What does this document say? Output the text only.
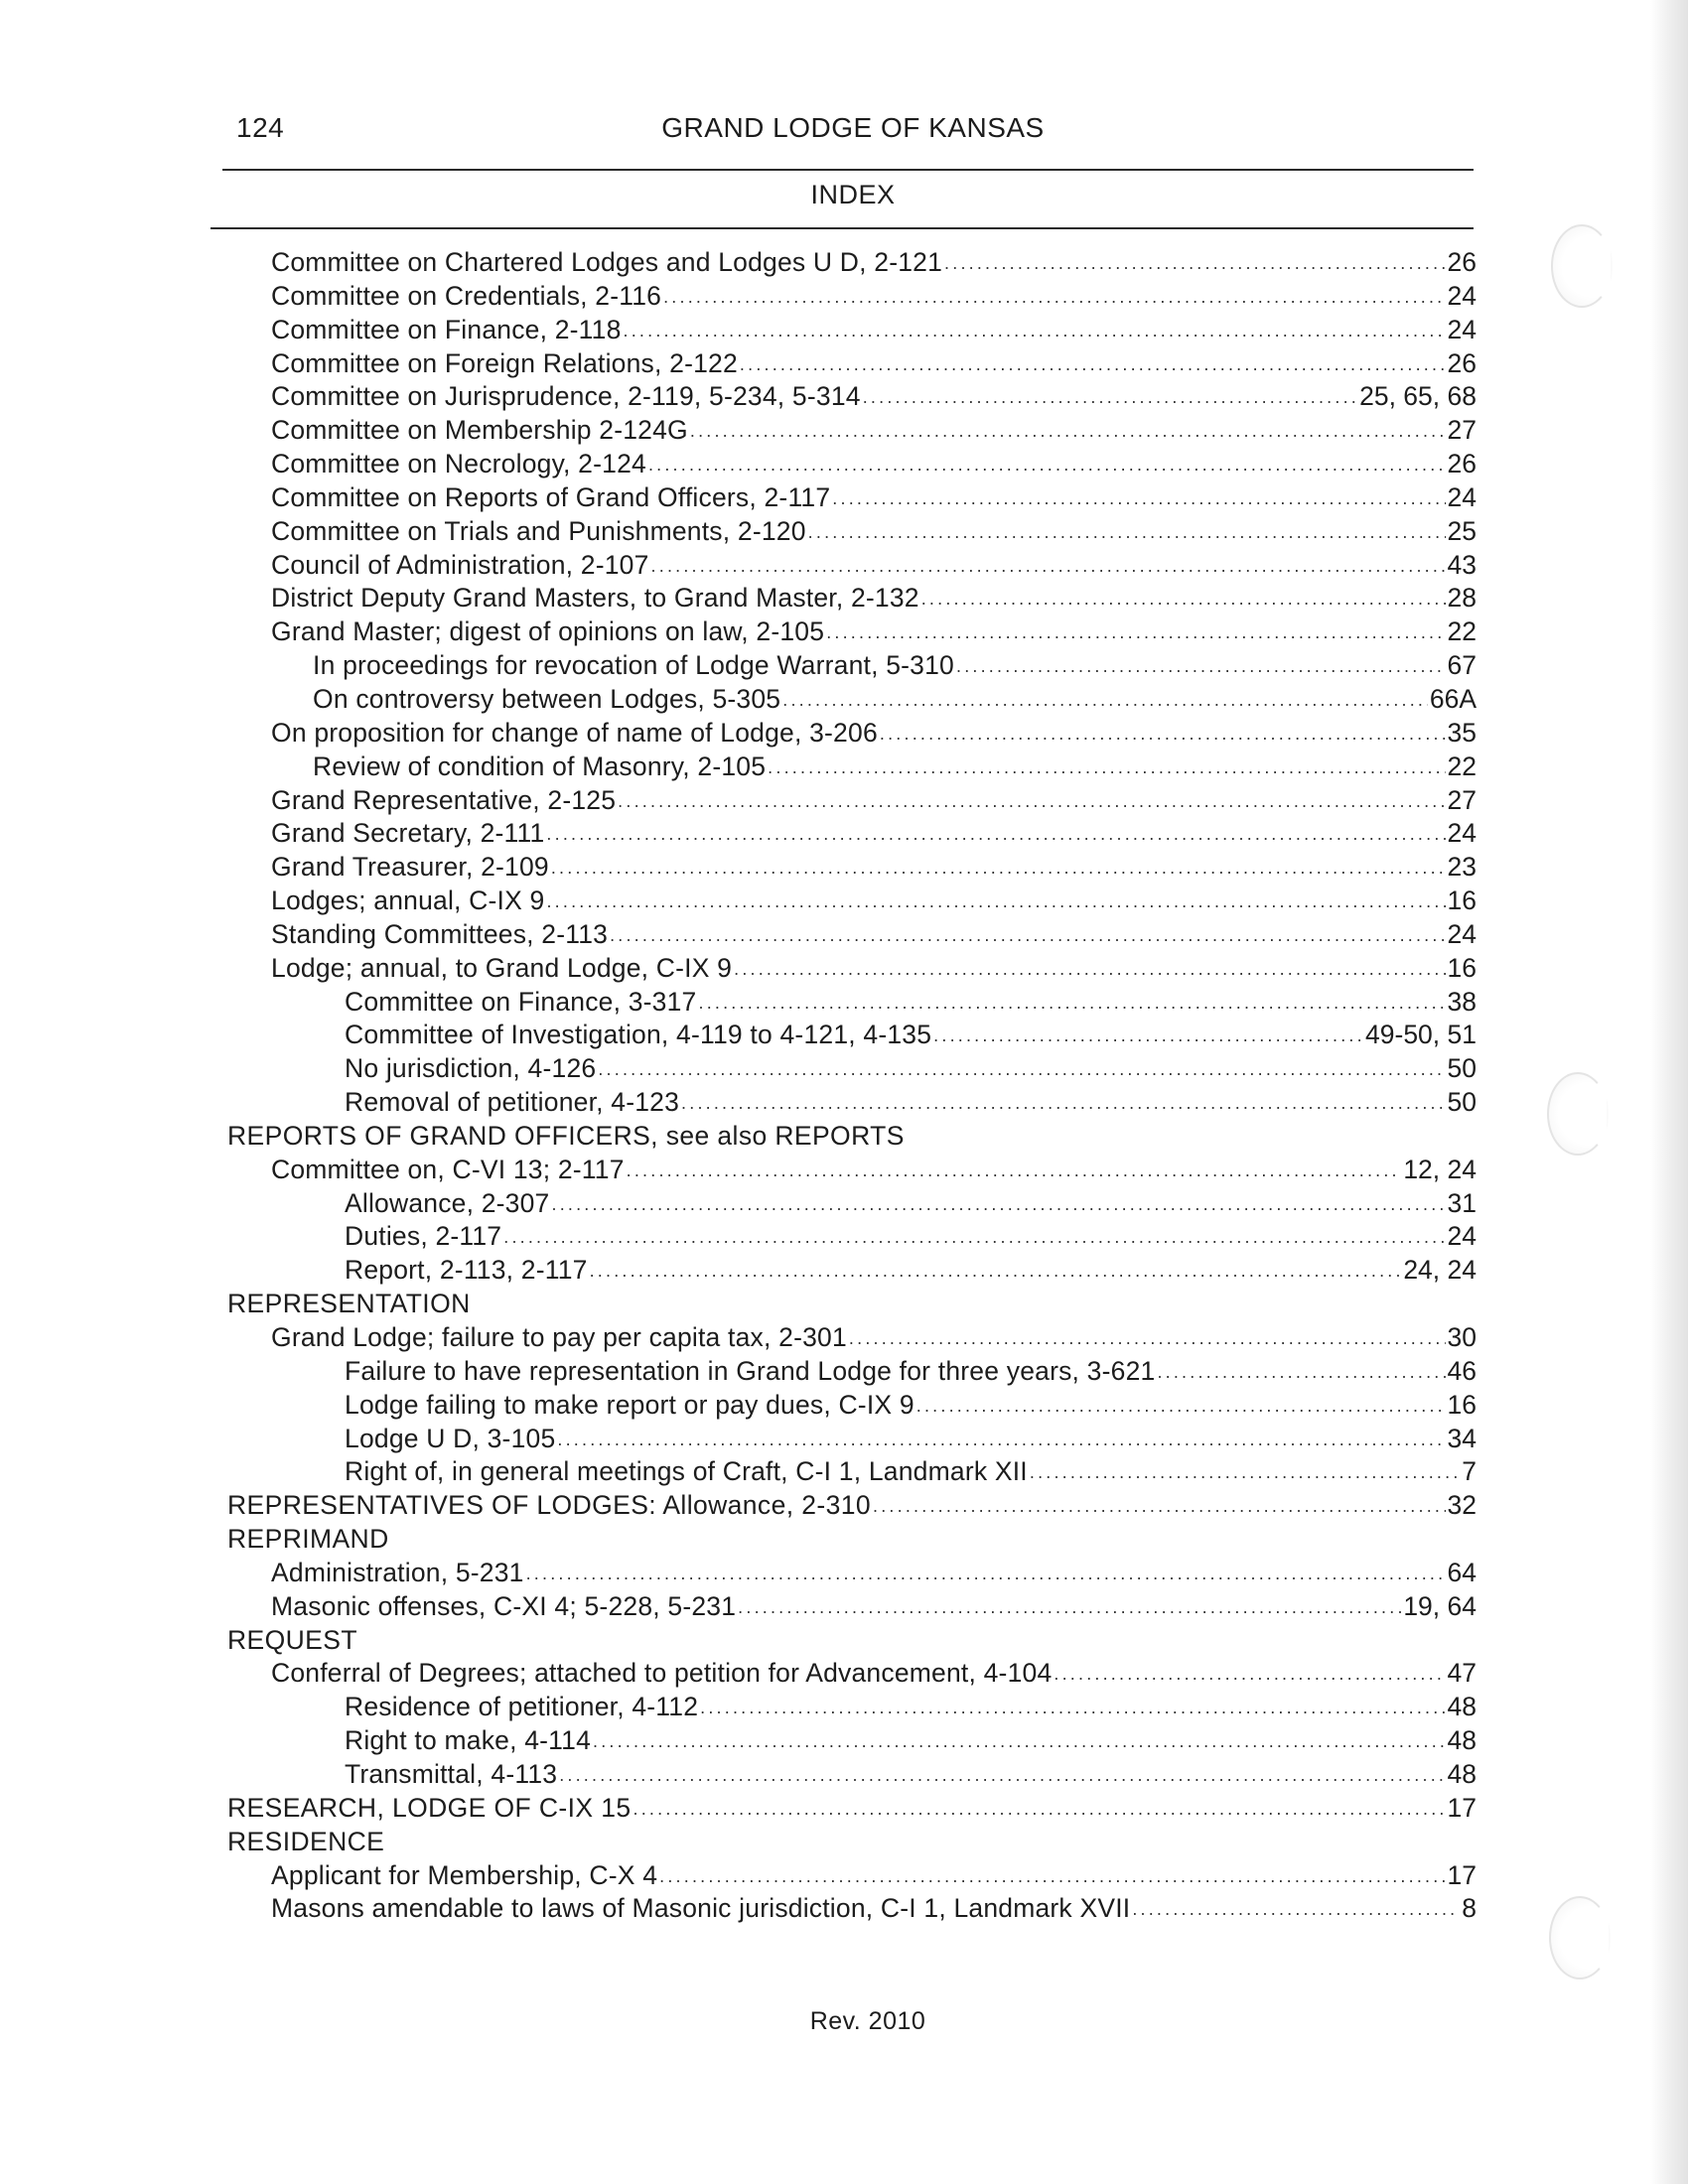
124	GRAND LODGE OF KANSAS
INDEX
Committee on Chartered Lodges and Lodges U D, 2-121 .....	26
Committee on Credentials, 2-116 .....	24
Committee on Finance, 2-118 .....	24
Committee on Foreign Relations, 2-122 .....	26
Committee on Jurisprudence, 2-119, 5-234, 5-314 .....	25, 65, 68
Committee on Membership 2-124G .....	27
Committee on Necrology, 2-124 .....	26
Committee on Reports of Grand Officers, 2-117 .....	24
Committee on Trials and Punishments, 2-120 .....	25
Council of Administration, 2-107 .....	43
District Deputy Grand Masters, to Grand Master, 2-132 .....	28
Grand Master; digest of opinions on law, 2-105 .....	22
In proceedings for revocation of Lodge Warrant, 5-310 .....	67
On controversy between Lodges, 5-305 .....	66A
On proposition for change of name of Lodge, 3-206 .....	35
Review of condition of Masonry, 2-105 .....	22
Grand Representative, 2-125 .....	27
Grand Secretary, 2-111 .....	24
Grand Treasurer, 2-109 .....	23
Lodges; annual, C-IX 9 .....	16
Standing Committees, 2-113 .....	24
Lodge; annual, to Grand Lodge, C-IX 9 .....	16
Committee on Finance, 3-317 .....	38
Committee of Investigation, 4-119 to 4-121, 4-135 .....	49-50, 51
No jurisdiction, 4-126 .....	50
Removal of petitioner, 4-123 .....	50
REPORTS OF GRAND OFFICERS, see also REPORTS
Committee on, C-VI 13; 2-117 .....	12, 24
Allowance, 2-307 .....	31
Duties, 2-117 .....	24
Report, 2-113, 2-117 .....	24, 24
REPRESENTATION
Grand Lodge; failure to pay per capita tax, 2-301 .....	30
Failure to have representation in Grand Lodge for three years, 3-621 .....	46
Lodge failing to make report or pay dues, C-IX 9 .....	16
Lodge U D, 3-105 .....	34
Right of, in general meetings of Craft, C-I 1, Landmark XII .....	7
REPRESENTATIVES OF LODGES: Allowance, 2-310 .....	32
REPRIMAND
Administration, 5-231 .....	64
Masonic offenses, C-XI 4; 5-228, 5-231 .....	19, 64
REQUEST
Conferral of Degrees; attached to petition for Advancement, 4-104 .....	47
Residence of petitioner, 4-112 .....	48
Right to make, 4-114 .....	48
Transmittal, 4-113 .....	48
RESEARCH, LODGE OF C-IX 15 .....	17
RESIDENCE
Applicant for Membership, C-X 4 .....	17
Masons amendable to laws of Masonic jurisdiction, C-I 1, Landmark XVII .....	8
Rev. 2010
